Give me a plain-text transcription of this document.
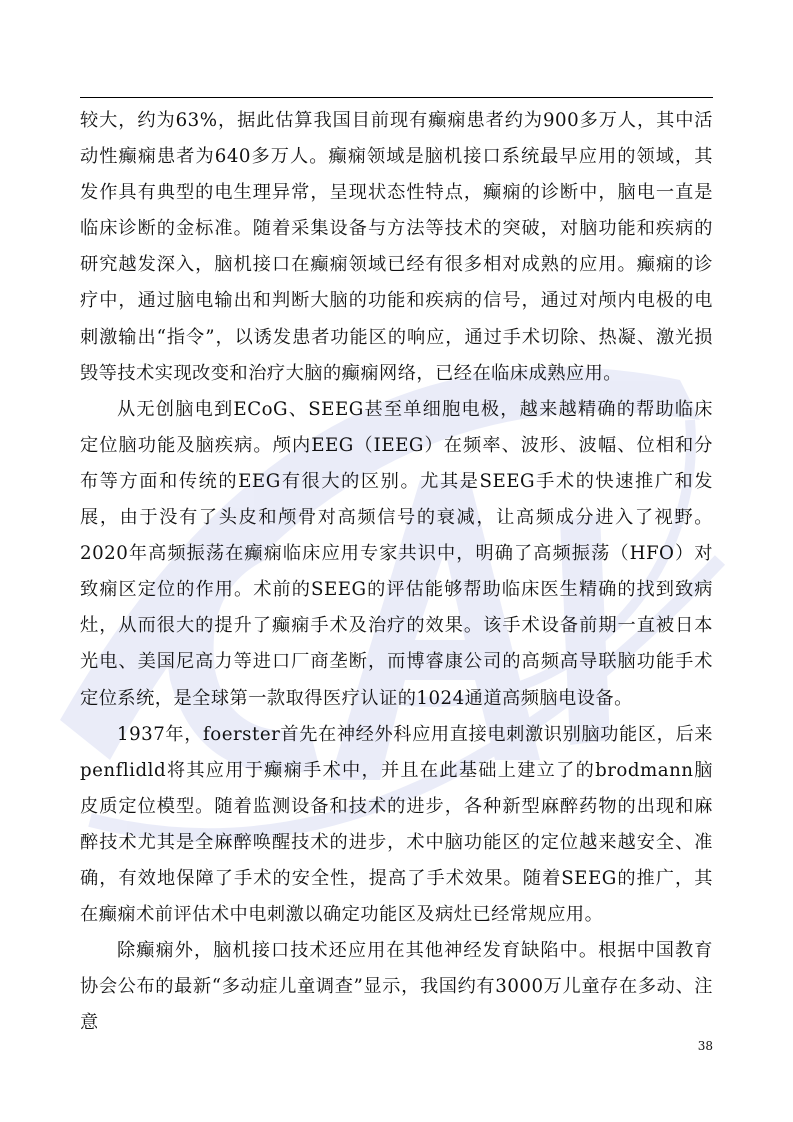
较大，约为63%，据此估算我国目前现有癫痫患者约为900多万人，其中活动性癫痫患者为640多万人。癫痫领域是脑机接口系统最早应用的领域，其发作具有典型的电生理异常，呈现状态性特点，癫痫的诊断中，脑电一直是临床诊断的金标准。随着采集设备与方法等技术的突破，对脑功能和疾病的研究越发深入，脑机接口在癫痫领域已经有很多相对成熟的应用。癫痫的诊疗中，通过脑电输出和判断大脑的功能和疾病的信号，通过对颅内电极的电刺激输出“指令”，以诱发患者功能区的响应，通过手术切除、热凝、激光损毁等技术实现改变和治疗大脑的癫痫网络，已经在临床成熟应用。

从无创脑电到ECoG、SEEG甚至单细胞电极，越来越精确的帮助临床定位脑功能及脑疾病。颅内EEG（IEEG）在频率、波形、波幅、位相和分布等方面和传统的EEG有很大的区别。尤其是SEEG手术的快速推广和发展，由于没有了头皮和颅骨对高频信号的衰减，让高频成分进入了视野。2020年高频振荡在癫痫临床应用专家共识中，明确了高频振荡（HFO）对致痫区定位的作用。术前的SEEG的评估能够帮助临床医生精确的找到致病灶，从而很大的提升了癫痫手术及治疗的效果。该手术设备前期一直被日本光电、美国尼高力等进口厂商垄断，而博睿康公司的高频高导联脑功能手术定位系统，是全球第一款取得医疗认证的1024通道高频脑电设备。

1937年，foerster首先在神经外科应用直接电刺激识别脑功能区，后来penflidld将其应用于癫痫手术中，并且在此基础上建立了的brodmann脑皮质定位模型。随着监测设备和技术的进步，各种新型麻醉药物的出现和麻醉技术尤其是全麻醉唤醒技术的进步，术中脑功能区的定位越来越安全、准确，有效地保障了手术的安全性，提高了手术效果。随着SEEG的推广，其在癫痫术前评估术中电刺激以确定功能区及病灶已经常规应用。

除癫痫外，脑机接口技术还应用在其他神经发育缺陷中。根据中国教育协会公布的最新“多动症儿童调查”显示，我国约有3000万儿童存在多动、注意

38
